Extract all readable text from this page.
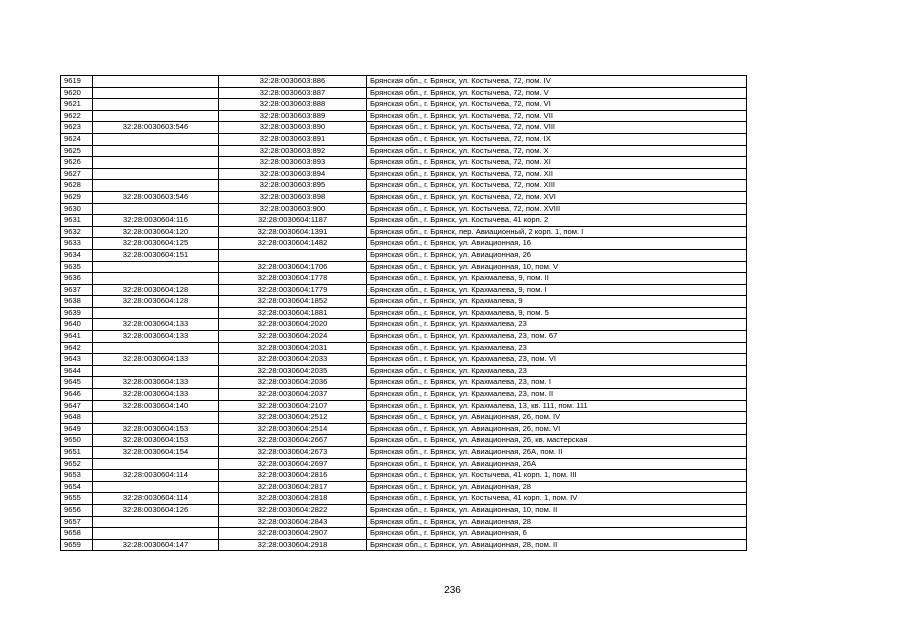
9619		32:28:0030603:886	Брянская обл., г. Брянск, ул. Костычева, 72, пом. IV
9620		32:28:0030603:887	Брянская обл., г. Брянск, ул. Костычева, 72, пом. V
9621		32:28:0030603:888	Брянская обл., г. Брянск, ул. Костычева, 72, пом. VI
9622		32:28:0030603:889	Брянская обл., г. Брянск, ул. Костычева, 72, пом. VII
9623	32:28:0030603:546	32:28:0030603:890	Брянская обл., г. Брянск, ул. Костычева, 72, пом. VIII
9624		32:28:0030603:891	Брянская обл., г. Брянск, ул. Костычева, 72, пом. IX
9625		32:28:0030603:892	Брянская обл., г. Брянск, ул. Костычева, 72, пом. X
9626		32:28:0030603:893	Брянская обл., г. Брянск, ул. Костычева, 72, пом. XI
9627		32:28:0030603:894	Брянская обл., г. Брянск, ул. Костычева, 72, пом. XII
9628		32:28:0030603:895	Брянская обл., г. Брянск, ул. Костычева, 72, пом. XIII
9629	32:28:0030603:546	32:28:0030603:898	Брянская обл., г. Брянск, ул. Костычева, 72, пом. XVI
9630		32:28:0030603:900	Брянская обл., г. Брянск, ул. Костычева, 72, пом. XVIII
9631	32:28:0030604:116	32:28:0030604:1187	Брянская обл., г. Брянск, ул. Костычева, 41 корп. 2
9632	32:28:0030604:120	32:28:0030604:1391	Брянская обл., г. Брянск, пер. Авиационный, 2 корп. 1, пом. I
9633	32:28:0030604:125	32:28:0030604:1482	Брянская обл., г. Брянск, ул. Авиационная, 16
9634	32:28:0030604:151		Брянская обл., г. Брянск, ул. Авиационная, 26
9635		32:28:0030604:1706	Брянская обл., г. Брянск, ул. Авиационная, 10, пом. V
9636		32:28:0030604:1778	Брянская обл., г. Брянск, ул. Крахмалева, 9, пом. II
9637	32:28:0030604:128	32:28:0030604:1779	Брянская обл., г. Брянск, ул. Крахмалева, 9, пом. I
9638	32:28:0030604:128	32:28:0030604:1852	Брянская обл., г. Брянск, ул. Крахмалева, 9
9639		32:28:0030604:1881	Брянская обл., г. Брянск, ул. Крахмалева, 9, пом. 5
9640	32:28:0030604:133	32:28:0030604:2020	Брянская обл., г. Брянск, ул. Крахмалева, 23
9641	32:28:0030604:133	32:28:0030604:2024	Брянская обл., г. Брянск, ул. Крахмалева, 23, пом. 67
9642		32:28:0030604:2031	Брянская обл., г. Брянск, ул. Крахмалева, 23
9643	32:28:0030604:133	32:28:0030604:2033	Брянская обл., г. Брянск, ул. Крахмалева, 23, пом. VI
9644		32:28:0030604:2035	Брянская обл., г. Брянск, ул. Крахмалева, 23
9645	32:28:0030604:133	32:28:0030604:2036	Брянская обл., г. Брянск, ул. Крахмалева, 23, пом. I
9646	32:28:0030604:133	32:28:0030604:2037	Брянская обл., г. Брянск, ул. Крахмалева, 23, пом. II
9647	32:28:0030604:140	32:28:0030604:2107	Брянская обл., г. Брянск, ул. Крахмалева, 13, кв. 111, пом. 111
9648		32:28:0030604:2512	Брянская обл., г. Брянск, ул. Авиационная, 26, пом. IV
9649	32:28:0030604:153	32:28:0030604:2514	Брянская обл., г. Брянск, ул. Авиационная, 26, пом. VI
9650	32:28:0030604:153	32:28:0030604:2667	Брянская обл., г. Брянск, ул. Авиационная, 26, кв. мастерская
9651	32:28:0030604:154	32:28:0030604:2673	Брянская обл., г. Брянск, ул. Авиационная, 26А, пом. II
9652		32:28:0030604:2697	Брянская обл., г. Брянск, ул. Авиационная, 26А
9653	32:28:0030604:114	32:28:0030604:2816	Брянская обл., г. Брянск, ул. Костычева, 41 корп. 1, пом. III
9654		32:28:0030604:2817	Брянская обл., г. Брянск, ул. Авиационная, 28
9655	32:28:0030604:114	32:28:0030604:2818	Брянская обл., г. Брянск, ул. Костычева, 41 корп. 1, пом. IV
9656	32:28:0030604:126	32:28:0030604:2822	Брянская обл., г. Брянск, ул. Авиационная, 10, пом. II
9657		32:28:0030604:2843	Брянская обл., г. Брянск, ул. Авиационная, 28
9658		32:28:0030604:2907	Брянская обл., г. Брянск, ул. Авиационная, 6
9659	32:28:0030604:147	32:28:0030604:2918	Брянская обл., г. Брянск, ул. Авиационная, 28, пом. II
236
